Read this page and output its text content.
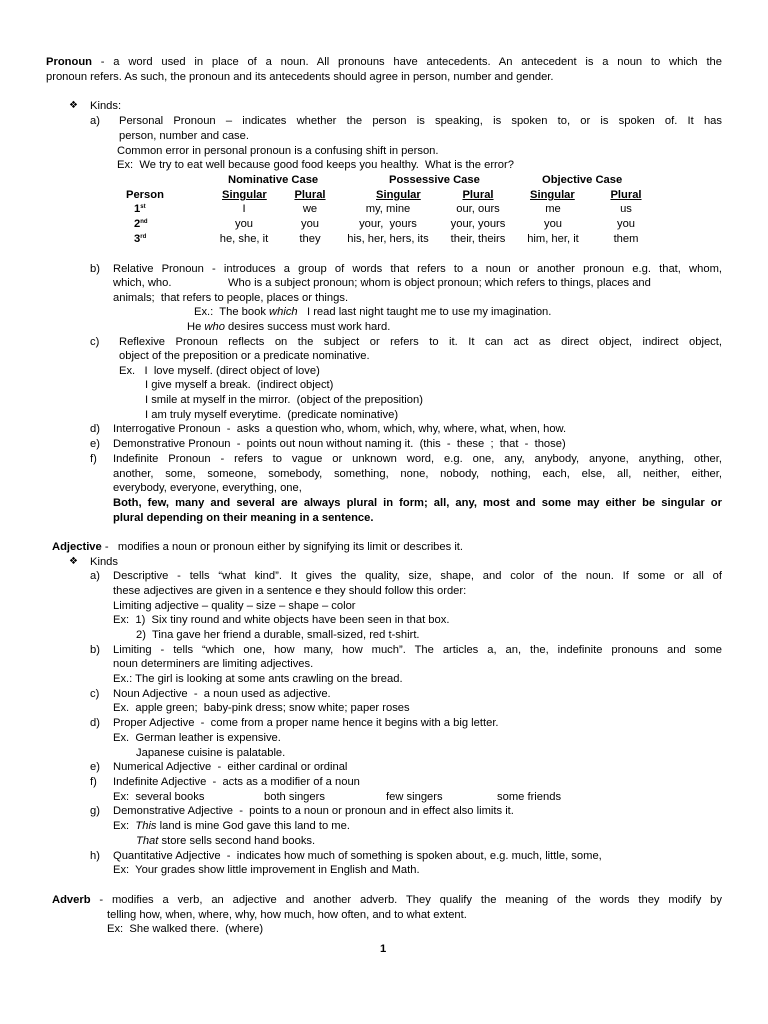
Pronoun - a word used in place of a noun. All pronouns have antecedents. An antecedent is a noun to which the
pronoun refers. As such, the pronoun and its antecedents should agree in person, number and gender.
❖ Kinds:
a) Personal Pronoun – indicates whether the person is speaking, is spoken to, or is spoken of. It has
person, number and case.
Common error in personal pronoun is a confusing shift in person.
Ex:  We try to eat well because good food keeps you healthy.  What is the error?
Nominative Case	Possessive Case	Objective Case
Person	Singular	Plural	Singular	Plural	Singular	Plural
1st	I	we	my, mine	our, ours	me	us
2nd	you	you	your,  yours	your, yours	you	you
3rd	he, she, it	they	his, her, hers, its	their, theirs	him, her, it	them
b) Relative Pronoun - introduces a group of words that refers to a noun or another pronoun e.g. that, whom,
which, who.	Who is a subject pronoun; whom is object pronoun; which refers to things, places and
animals;  that refers to people, places or things.
Ex.:  The book which   I read last night taught me to use my imagination.
He who desires success must work hard.
c) Reflexive Pronoun reflects on the subject or refers to it. It can act as direct object, indirect object,
object of the preposition or a predicate nominative.
Ex.   I  love myself. (direct object of love)
I give myself a break.  (indirect object)
I smile at myself in the mirror.  (object of the preposition)
I am truly myself everytime.  (predicate nominative)
d) Interrogative Pronoun  -  asks  a question who, whom, which, why, where, what, when, how.
e) Demonstrative Pronoun  -  points out noun without naming it.  (this  -  these  ;  that  -  those)
f) Indefinite Pronoun - refers to vague or unknown word, e.g. one, any, anybody, anyone, anything, other,
another, some, someone, somebody, something, none, nobody, nothing, each, else, all, neither, either,
everybody, everyone, everything, one,
Both, few, many and several are always plural in form; all, any, most and some may either be singular or
plural depending on their meaning in a sentence.
Adjective -   modifies a noun or pronoun either by signifying its limit or describes it.
❖ Kinds
a) Descriptive - tells “what kind”. It gives the quality, size, shape, and color of the noun. If some or all of
these adjectives are given in a sentence e they should follow this order:
Limiting adjective – quality – size – shape – color
Ex:  1)  Six tiny round and white objects have been seen in that box.
2)  Tina gave her friend a durable, small-sized, red t-shirt.
b) Limiting - tells “which one, how many, how much”. The articles a, an, the, indefinite pronouns and some
noun determiners are limiting adjectives.
Ex.: The girl is looking at some ants crawling on the bread.
c) Noun Adjective  -  a noun used as adjective.
Ex.  apple green;  baby-pink dress; snow white; paper roses
d) Proper Adjective  -  come from a proper name hence it begins with a big letter.
Ex.  German leather is expensive.
Japanese cuisine is palatable.
e) Numerical Adjective  -  either cardinal or ordinal
f) Indefinite Adjective  -  acts as a modifier of a noun
Ex:  several books	both singers	few singers	some friends
g) Demonstrative Adjective  -  points to a noun or pronoun and in effect also limits it.
Ex:  This land is mine God gave this land to me.
That store sells second hand books.
h) Quantitative Adjective  -  indicates how much of something is spoken about, e.g. much, little, some,
Ex:  Your grades show little improvement in English and Math.
Adverb - modifies a verb, an adjective and another adverb. They qualify the meaning of the words they modify by
telling how, when, where, why, how much, how often, and to what extent.
Ex:  She walked there.  (where)
1
